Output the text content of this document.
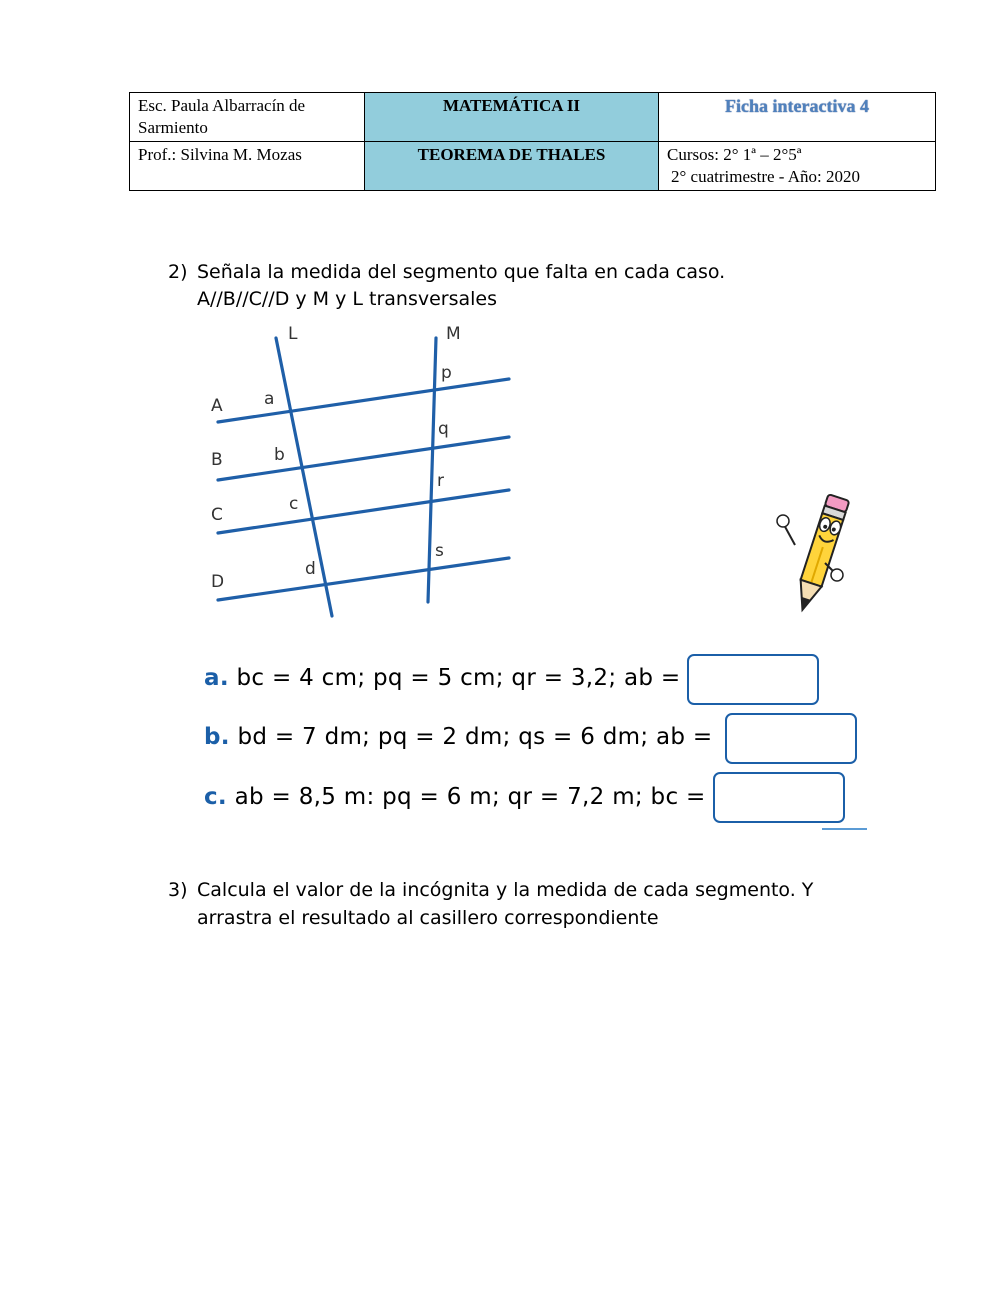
Esc. Paula Albarracín de Sarmiento	MATEMÁTICA II	Ficha interactiva 4
Prof.: Silvina M. Mozas	TEOREMA DE THALES	Cursos: 2° 1ª – 2°5ª
2° cuatrimestre - Año: 2020
2) Señala la medida del segmento que falta en cada caso.
A//B//C//D y M y L transversales
L	M
A
B
C
D
a
b
c
d
p
q
r
s
a. bc = 4 cm; pq = 5 cm; qr = 3,2; ab =
b. bd = 7 dm; pq = 2 dm; qs = 6 dm; ab =
c. ab = 8,5 m: pq = 6 m; qr = 7,2 m; bc =
3) Calcula el valor de la incógnita y la medida de cada segmento. Y
arrastra el resultado al casillero correspondiente
